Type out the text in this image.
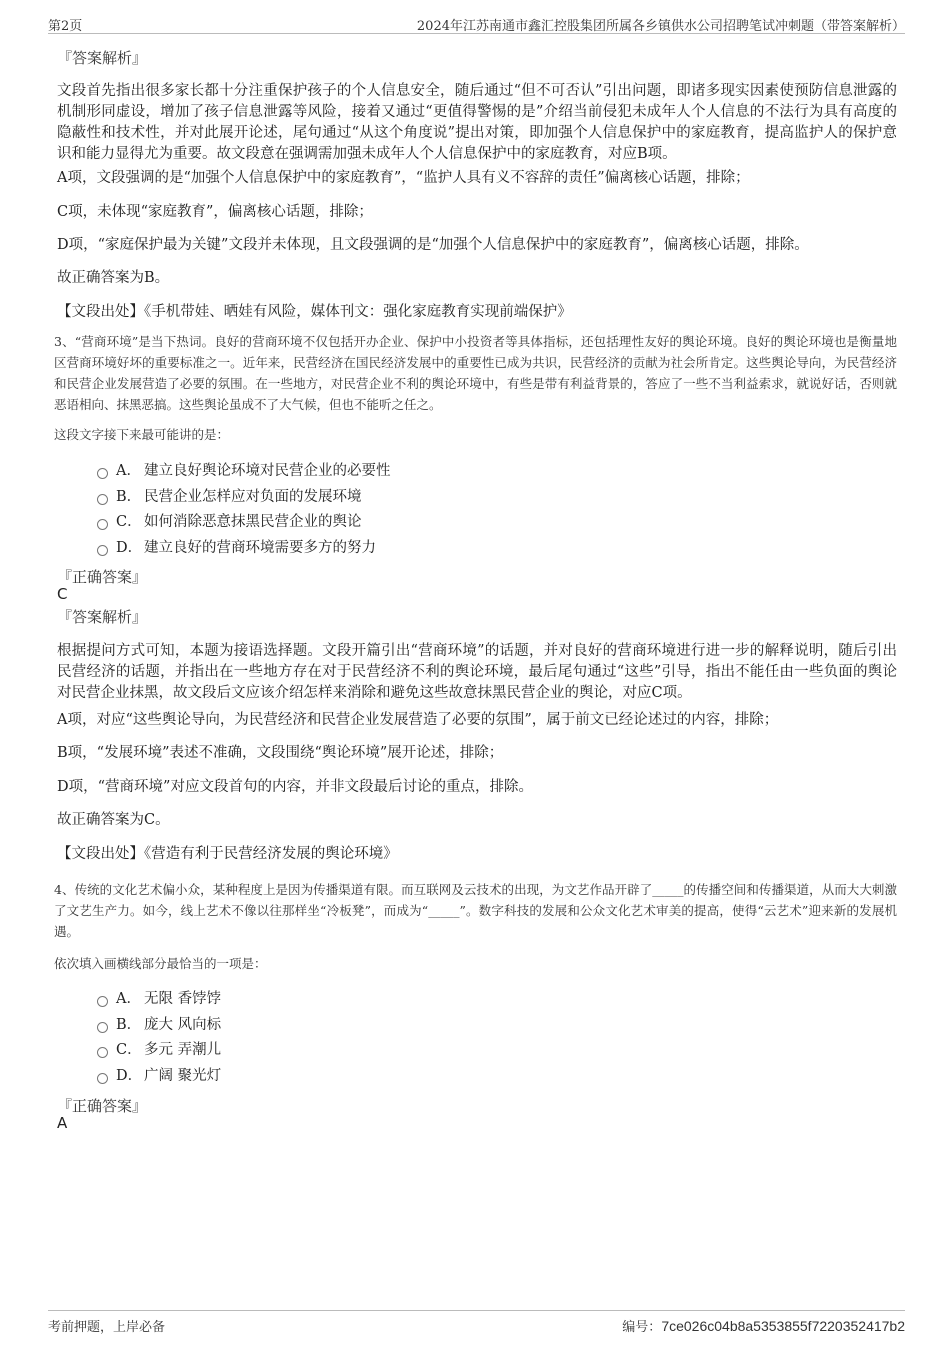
第2页	2024年江苏南通市鑫汇控股集团所属各乡镇供水公司招聘笔试冲刺题（带答案解析）
『答案解析』
文段首先指出很多家长都十分注重保护孩子的个人信息安全，随后通过“但不可否认”引出问题，即诸多现实因素使预防信息泄露的机制形同虚设，增加了孩子信息泄露等风险，接着又通过“更值得警惕的是”介绍当前侵犯未成年人个人信息的不法行为具有高度的隐蔽性和技术性，并对此展开论述，尾句通过“从这个角度说”提出对策，即加强个人信息保护中的家庭教育，提高监护人的保护意识和能力显得尤为重要。故文段意在强调需加强未成年人个人信息保护中的家庭教育，对应B项。
A项，文段强调的是“加强个人信息保护中的家庭教育”，“监护人具有义不容辞的责任”偏离核心话题，排除；
C项，未体现“家庭教育”，偏离核心话题，排除；
D项，“家庭保护最为关键”文段并未体现，且文段强调的是“加强个人信息保护中的家庭教育”，偏离核心话题，排除。
故正确答案为B。
【文段出处】《手机带娃、晒娃有风险，媒体刊文：强化家庭教育实现前端保护》
3、“营商环境”是当下热词。良好的营商环境不仅包括开办企业、保护中小投资者等具体指标，还包括理性友好的舆论环境。良好的舆论环境也是衡量地区营商环境好坏的重要标准之一。近年来，民营经济在国民经济发展中的重要性已成为共识，民营经济的贡献为社会所肯定。这些舆论导向，为民营经济和民营企业发展营造了必要的氛围。在一些地方，对民营企业不利的舆论环境中，有些是带有利益背景的，答应了一些不当利益索求，就说好话，否则就恶语相向、抹黑恶搞。这些舆论虽成不了大气候，但也不能听之任之。
这段文字接下来最可能讲的是：
A． 建立良好舆论环境对民营企业的必要性
B． 民营企业怎样应对负面的发展环境
C． 如何消除恶意抹黑民营企业的舆论
D． 建立良好的营商环境需要多方的努力
『正确答案』
C
『答案解析』
根据提问方式可知，本题为接语选择题。文段开篇引出“营商环境”的话题，并对良好的营商环境进行进一步的解释说明，随后引出民营经济的话题，并指出在一些地方存在对于民营经济不利的舆论环境，最后尾句通过“这些”引导，指出不能任由一些负面的舆论对民营企业抹黑，故文段后文应该介绍怎样来消除和避免这些故意抹黑民营企业的舆论，对应C项。
A项，对应“这些舆论导向，为民营经济和民营企业发展营造了必要的氛围”，属于前文已经论述过的内容，排除；
B项，“发展环境”表述不准确，文段围绕“舆论环境”展开论述，排除；
D项，“营商环境”对应文段首句的内容，并非文段最后讨论的重点，排除。
故正确答案为C。
【文段出处】《营造有利于民营经济发展的舆论环境》
4、传统的文化艺术偏小众，某种程度上是因为传播渠道有限。而互联网及云技术的出现，为文艺作品开辟了_____的传播空间和传播渠道，从而大大刺激了文艺生产力。如今，线上艺术不像以往那样坐“冷板凳”，而成为“_____”。数字科技的发展和公众文化艺术审美的提高，使得“云艺术”迎来新的发展机遇。
依次填入画横线部分最恰当的一项是：
A． 无限 香饽饽
B． 庞大 风向标
C． 多元 弄潮儿
D． 广阔 聚光灯
『正确答案』
A
考前押题，上岸必备	编号：7ce026c04b8a5353855f7220352417b2
